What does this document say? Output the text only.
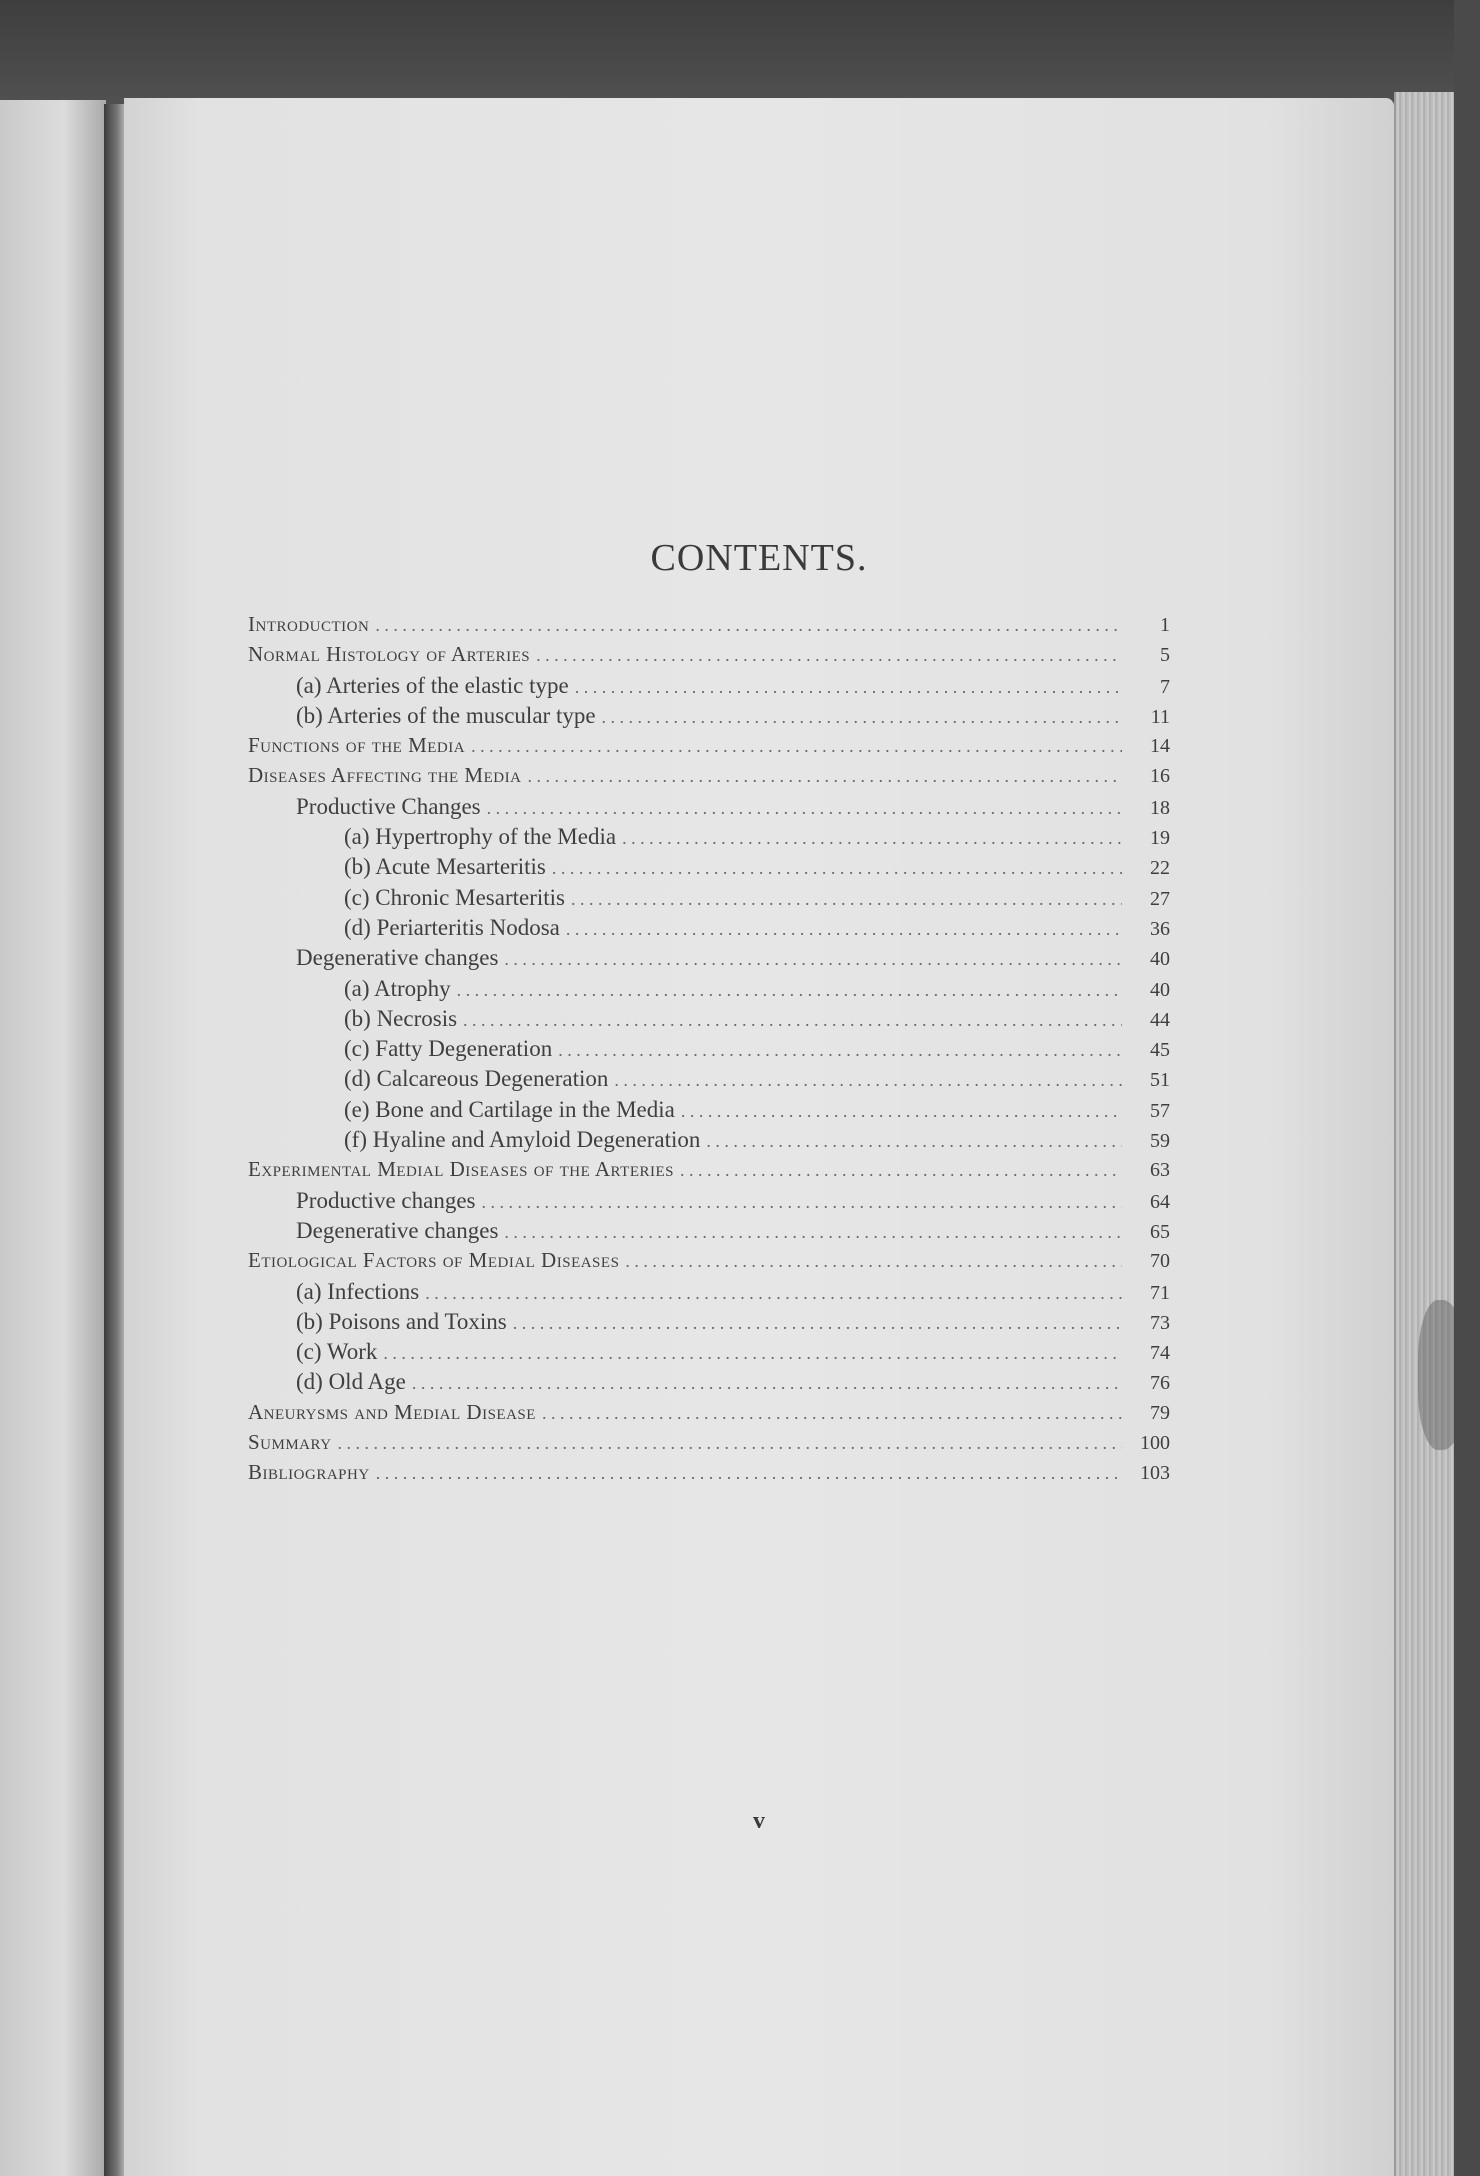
CONTENTS.
Introduction . . .	1
Normal Histology of Arteries . . .	5
(a) Arteries of the elastic type . . .	7
(b) Arteries of the muscular type . . .	11
Functions of the Media . . .	14
Diseases Affecting the Media . . .	16
Productive Changes . . .	18
(a) Hypertrophy of the Media . . .	19
(b) Acute Mesarteritis . . .	22
(c) Chronic Mesarteritis . . .	27
(d) Periarteritis Nodosa . . .	36
Degenerative changes . . .	40
(a) Atrophy . . .	40
(b) Necrosis . . .	44
(c) Fatty Degeneration . . .	45
(d) Calcareous Degeneration . . .	51
(e) Bone and Cartilage in the Media . . .	57
(f) Hyaline and Amyloid Degeneration . . .	59
Experimental Medial Diseases of the Arteries . . .	63
Productive changes . . .	64
Degenerative changes . . .	65
Etiological Factors of Medial Diseases . . .	70
(a) Infections . . .	71
(b) Poisons and Toxins . . .	73
(c) Work . . .	74
(d) Old Age . . .	76
Aneurysms and Medial Disease . . .	79
Summary . . .	100
Bibliography . . .	103
v
